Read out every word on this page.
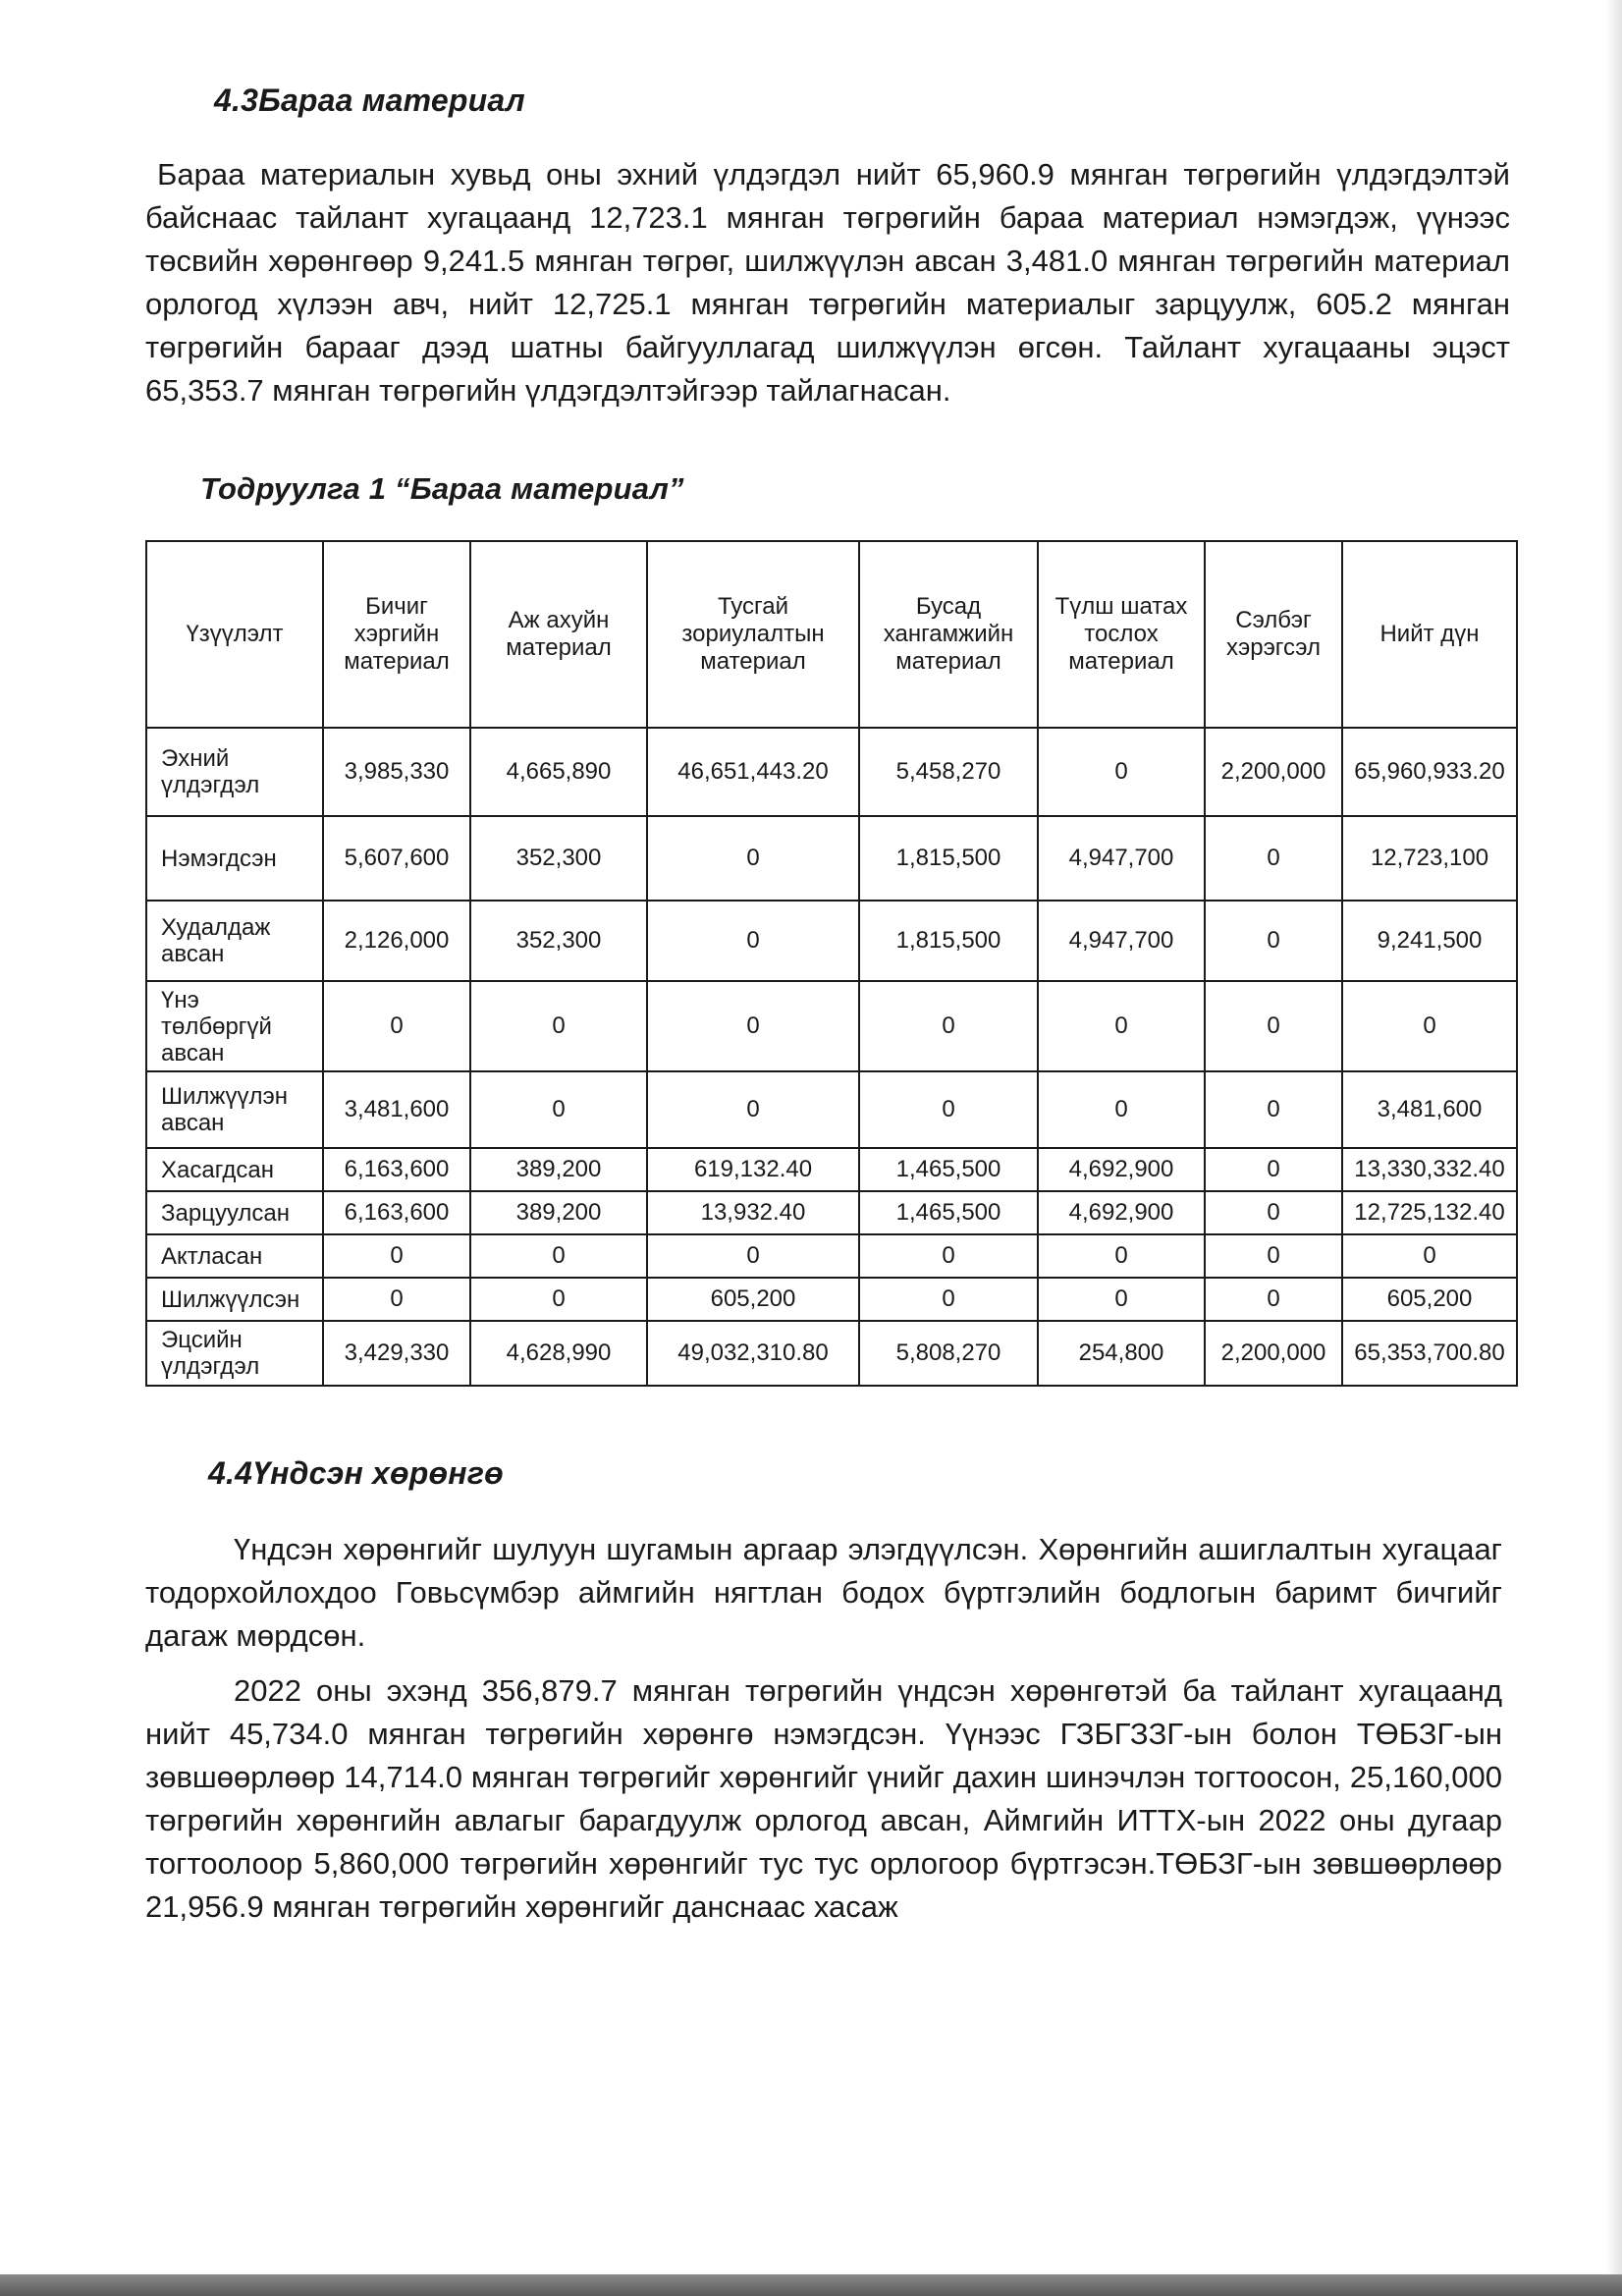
4.3Бараа материал
Бараа материалын хувьд оны эхний үлдэгдэл нийт 65,960.9 мянган төгрөгийн үлдэгдэлтэй байснаас тайлант хугацаанд 12,723.1 мянган төгрөгийн бараа материал нэмэгдэж, үүнээс төсвийн хөрөнгөөр 9,241.5 мянган төгрөг, шилжүүлэн авсан 3,481.0 мянган төгрөгийн материал орлогод хүлээн авч, нийт 12,725.1 мянган төгрөгийн материалыг зарцуулж, 605.2 мянган төгрөгийн барааг дээд шатны байгууллагад шилжүүлэн өгсөн. Тайлант хугацааны эцэст 65,353.7 мянган төгрөгийн үлдэгдэлтэйгээр тайлагнасан.
Тодруулга 1 “Бараа материал”
Үзүүлэлт	Бичиг хэргийн материал	Аж ахуйн материал	Тусгай зориулалтын материал	Бусад хангамжийн материал	Түлш шатах тослох материал	Сэлбэг хэрэгсэл	Нийт дүн
Эхний үлдэгдэл	3,985,330	4,665,890	46,651,443.20	5,458,270	0	2,200,000	65,960,933.20
Нэмэгдсэн	5,607,600	352,300	0	1,815,500	4,947,700	0	12,723,100
Худалдаж авсан	2,126,000	352,300	0	1,815,500	4,947,700	0	9,241,500
Үнэ төлбөргүй авсан	0	0	0	0	0	0	0
Шилжүүлэн авсан	3,481,600	0	0	0	0	0	3,481,600
Хасагдсан	6,163,600	389,200	619,132.40	1,465,500	4,692,900	0	13,330,332.40
Зарцуулсан	6,163,600	389,200	13,932.40	1,465,500	4,692,900	0	12,725,132.40
Актласан	0	0	0	0	0	0	0
Шилжүүлсэн	0	0	605,200	0	0	0	605,200
Эцсийн үлдэгдэл	3,429,330	4,628,990	49,032,310.80	5,808,270	254,800	2,200,000	65,353,700.80
4.4Үндсэн хөрөнгө
Үндсэн хөрөнгийг шулуун шугамын аргаар элэгдүүлсэн. Хөрөнгийн ашиглалтын хугацааг тодорхойлохдоо Говьсүмбэр аймгийн нягтлан бодох бүртгэлийн бодлогын баримт бичгийг дагаж мөрдсөн.
2022 оны эхэнд 356,879.7 мянган төгрөгийн үндсэн хөрөнгөтэй ба тайлант хугацаанд нийт 45,734.0 мянган төгрөгийн хөрөнгө нэмэгдсэн. Үүнээс ГЗБГЗЗГ-ын болон ТӨБЗГ-ын зөвшөөрлөөр 14,714.0 мянган төгрөгийг хөрөнгийг үнийг дахин шинэчлэн тогтоосон, 25,160,000 төгрөгийн хөрөнгийн авлагыг барагдуулж орлогод авсан, Аймгийн ИТТХ-ын 2022 оны дугаар тогтоолоор 5,860,000 төгрөгийн хөрөнгийг тус тус орлогоор бүртгэсэн.ТӨБЗГ-ын зөвшөөрлөөр 21,956.9 мянган төгрөгийн хөрөнгийг данснаас хасаж
